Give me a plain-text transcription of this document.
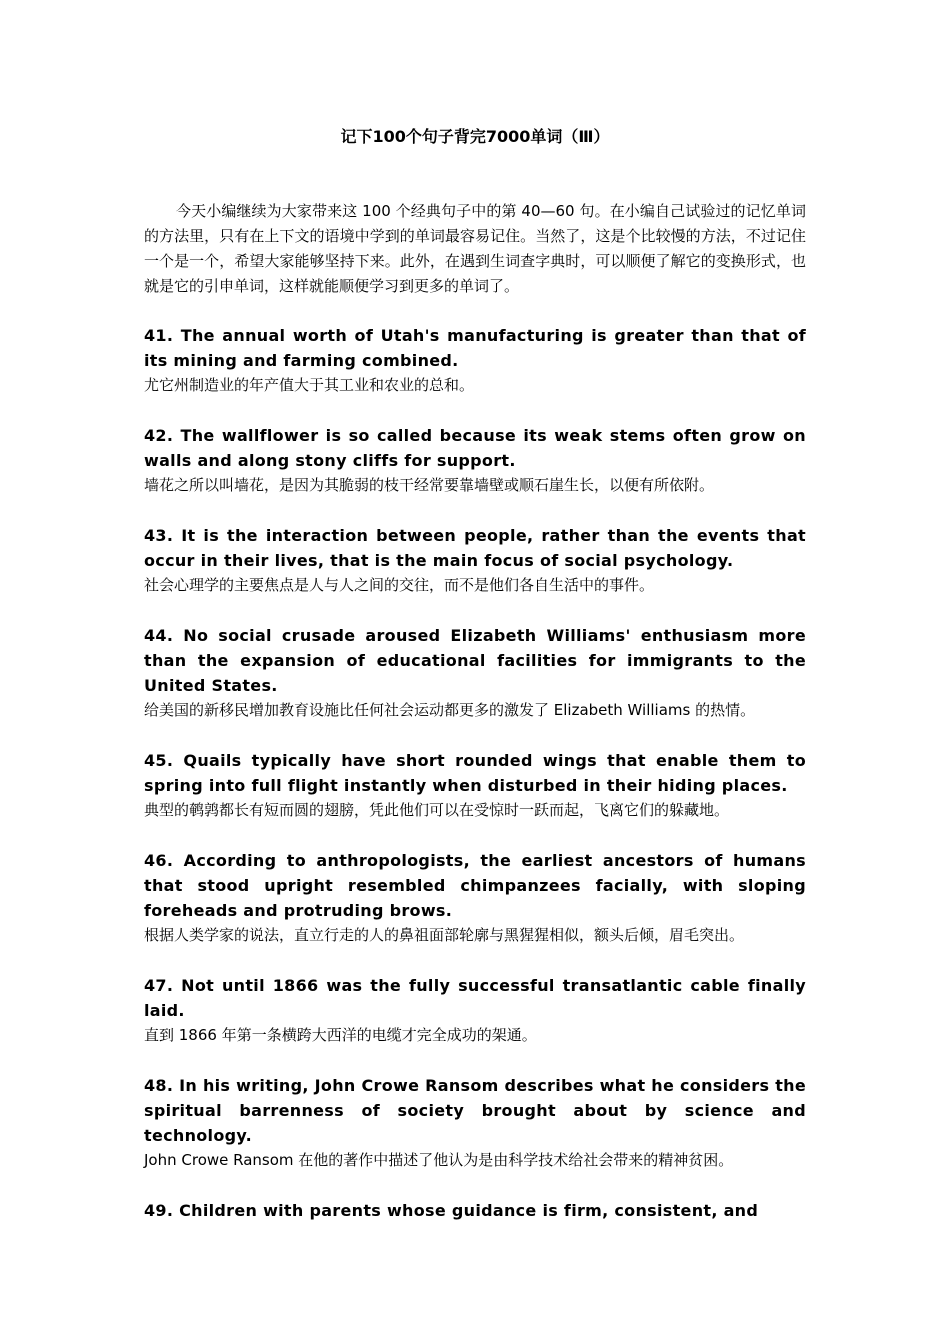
记下100个句子背完7000单词（Ⅲ）

今天小编继续为大家带来这 100 个经典句子中的第 40—60 句。在小编自己试验过的记忆单词的方法里，只有在上下文的语境中学到的单词最容易记住。当然了，这是个比较慢的方法，不过记住一个是一个，希望大家能够坚持下来。此外，在遇到生词查字典时，可以顺便了解它的变换形式，也就是它的引申单词，这样就能顺便学习到更多的单词了。

41. The annual worth of Utah's manufacturing is greater than that of its mining and farming combined.
尤它州制造业的年产值大于其工业和农业的总和。
42. The wallflower is so called because its weak stems often grow on walls and along stony cliffs for support.
墙花之所以叫墙花，是因为其脆弱的枝干经常要靠墙壁或顺石崖生长，以便有所依附。
43. It is the interaction between people, rather than the events that occur in their lives, that is the main focus of social psychology.
社会心理学的主要焦点是人与人之间的交往，而不是他们各自生活中的事件。
44. No social crusade aroused Elizabeth Williams' enthusiasm more than the expansion of educational facilities for immigrants to the United States.
给美国的新移民增加教育设施比任何社会运动都更多的激发了 Elizabeth Williams 的热情。
45. Quails typically have short rounded wings that enable them to spring into full flight instantly when disturbed in their hiding places.
典型的鹌鹑都长有短而圆的翅膀，凭此他们可以在受惊时一跃而起，飞离它们的躲藏地。
46. According to anthropologists, the earliest ancestors of humans that stood upright resembled chimpanzees facially, with sloping foreheads and protruding brows.
根据人类学家的说法，直立行走的人的鼻祖面部轮廓与黑猩猩相似，额头后倾，眉毛突出。
47. Not until 1866 was the fully successful transatlantic cable finally laid.
直到 1866 年第一条横跨大西洋的电缆才完全成功的架通。
48. In his writing, John Crowe Ransom describes what he considers the spiritual barrenness of society brought about by science and technology.
John Crowe Ransom 在他的著作中描述了他认为是由科学技术给社会带来的精神贫困。
49. Children with parents whose guidance is firm, consistent, and
